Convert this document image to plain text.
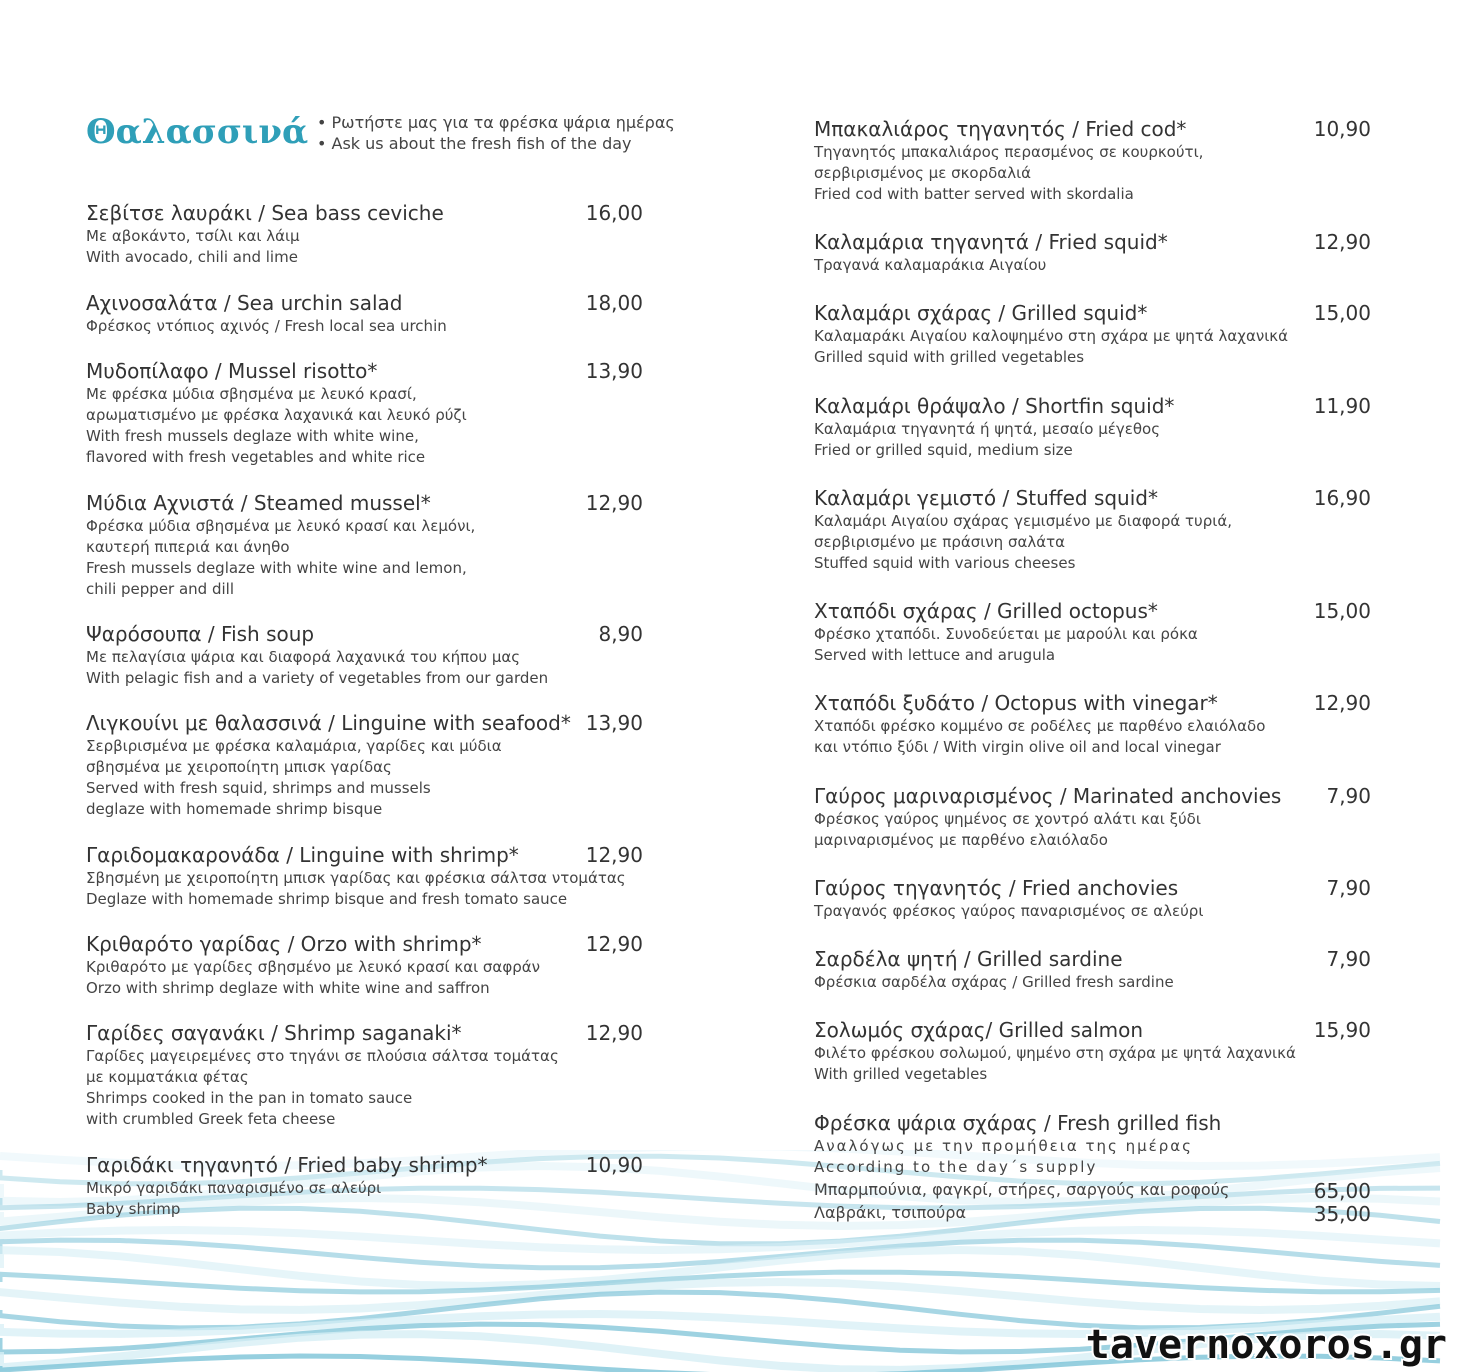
Θαλασσινά • Ρωτήστε μας για τα φρέσκα ψάρια ημέρας
• Ask us about the fresh fish of the day
Σεβίτσε λαυράκι / Sea bass ceviche
Με αβοκάντο, τσίλι και λάιμ
With avocado, chili and lime
16,00
Αχινοσαλάτα / Sea urchin salad
Φρέσκος ντόπιος αχινός / Fresh local sea urchin
18,00
Μυδοπίλαφο / Mussel risotto*
Με φρέσκα μύδια σβησμένα με λευκό κρασί,
αρωματισμένο με φρέσκα λαχανικά και λευκό ρύζι
With fresh mussels deglaze with white wine,
flavored with fresh vegetables and white rice
13,90
Μύδια Αχνιστά / Steamed mussel*
Φρέσκα μύδια σβησμένα με λευκό κρασί και λεμόνι,
καυτερή πιπεριά και άνηθο
Fresh mussels deglaze with white wine and lemon,
chili pepper and dill
12,90
Ψαρόσουπα / Fish soup
Με πελαγίσια ψάρια και διαφορά λαχανικά του κήπου μας
With pelagic fish and a variety of vegetables from our garden
8,90
Λιγκουίνι με θαλασσινά / Linguine with seafood*
Σερβιρισμένα με φρέσκα καλαμάρια, γαρίδες και μύδια
σβησμένα με χειροποίητη μπισκ γαρίδας
Served with fresh squid, shrimps and mussels
deglaze with homemade shrimp bisque
13,90
Γαριδομακαρονάδα / Linguine with shrimp*
Σβησμένη με χειροποίητη μπισκ γαρίδας και φρέσκια σάλτσα ντομάτας
Deglaze with homemade shrimp bisque and fresh tomato sauce
12,90
Κριθαρότο γαρίδας / Orzo with shrimp*
Κριθαρότο με γαρίδες σβησμένο με λευκό κρασί και σαφράν
Orzo with shrimp deglaze with white wine and saffron
12,90
Γαρίδες σαγανάκι / Shrimp saganaki*
Γαρίδες μαγειρεμένες στο τηγάνι σε πλούσια σάλτσα τομάτας
με κομματάκια φέτας
Shrimps cooked in the pan in tomato sauce
with crumbled Greek feta cheese
12,90
Γαριδάκι τηγανητό / Fried baby shrimp*
Μικρό γαριδάκι παναρισμένο σε αλεύρι
Baby shrimp
10,90
Μπακαλιάρος τηγανητός / Fried cod*
Τηγανητός μπακαλιάρος περασμένος σε κουρκούτι,
σερβιρισμένος με σκορδαλιά
Fried cod with batter served with skordalia
10,90
Καλαμάρια τηγανητά / Fried squid*
Τραγανά καλαμαράκια Αιγαίου
12,90
Καλαμάρι σχάρας / Grilled squid*
Καλαμαράκι Αιγαίου καλοψημένο στη σχάρα με ψητά λαχανικά
Grilled squid with grilled vegetables
15,00
Καλαμάρι θράψαλο / Shortfin squid*
Καλαμάρια τηγανητά ή ψητά, μεσαίο μέγεθος
Fried or grilled squid, medium size
11,90
Καλαμάρι γεμιστό / Stuffed squid*
Καλαμάρι Αιγαίου σχάρας γεμισμένο με διαφορά τυριά,
σερβιρισμένο με πράσινη σαλάτα
Stuffed squid with various cheeses
16,90
Χταπόδι σχάρας / Grilled octopus*
Φρέσκο χταπόδι. Συνοδεύεται με μαρούλι και ρόκα
Served with lettuce and arugula
15,00
Χταπόδι ξυδάτο / Octopus with vinegar*
Χταπόδι φρέσκο κομμένο σε ροδέλες με παρθένο ελαιόλαδο
και ντόπιο ξύδι / With virgin olive oil and local vinegar
12,90
Γαύρος μαριναρισμένος / Marinated anchovies
Φρέσκος γαύρος ψημένος σε χοντρό αλάτι και ξύδι
μαριναρισμένος με παρθένο ελαιόλαδο
7,90
Γαύρος τηγανητός / Fried anchovies
Τραγανός φρέσκος γαύρος παναρισμένος σε αλεύρι
7,90
Σαρδέλα ψητή / Grilled sardine
Φρέσκια σαρδέλα σχάρας / Grilled fresh sardine
7,90
Σολωμός σχάρας/ Grilled salmon
Φιλέτο φρέσκου σολωμού, ψημένο στη σχάρα με ψητά λαχανικά
With grilled vegetables
15,90
Φρέσκα ψάρια σχάρας / Fresh grilled fish
Αναλόγως με την προμήθεια της ημέρας
According to the day΄s supply
Μπαρμπούνια, φαγκρί, στήρες, σαργούς και ροφούς
Λαβράκι, τσιπούρα
65,00
35,00
tavernoxoros.gr
